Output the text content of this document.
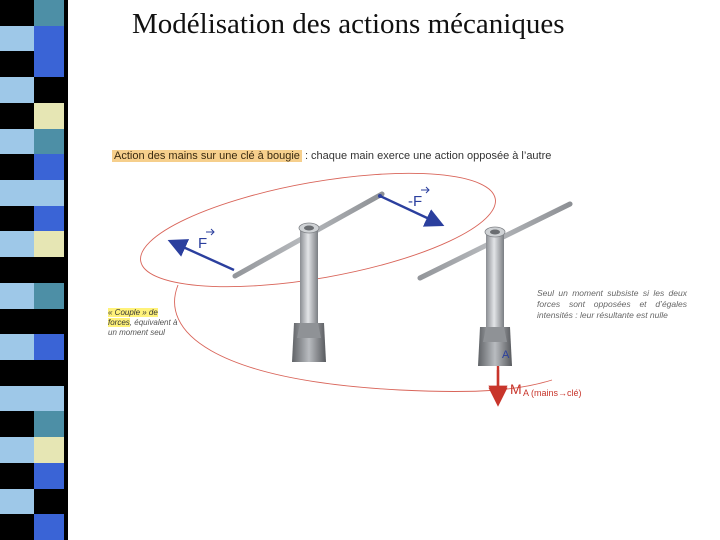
Modélisation des actions mécaniques
F
-F
A
M A (mains→clé)
Action des mains sur une clé à bougie : chaque main exerce une action opposée à l’autre
« Couple » de forces, équivalent à un moment seul
Seul un moment subsiste si les deux forces sont opposées et d’égales intensités : leur résultante est nulle
